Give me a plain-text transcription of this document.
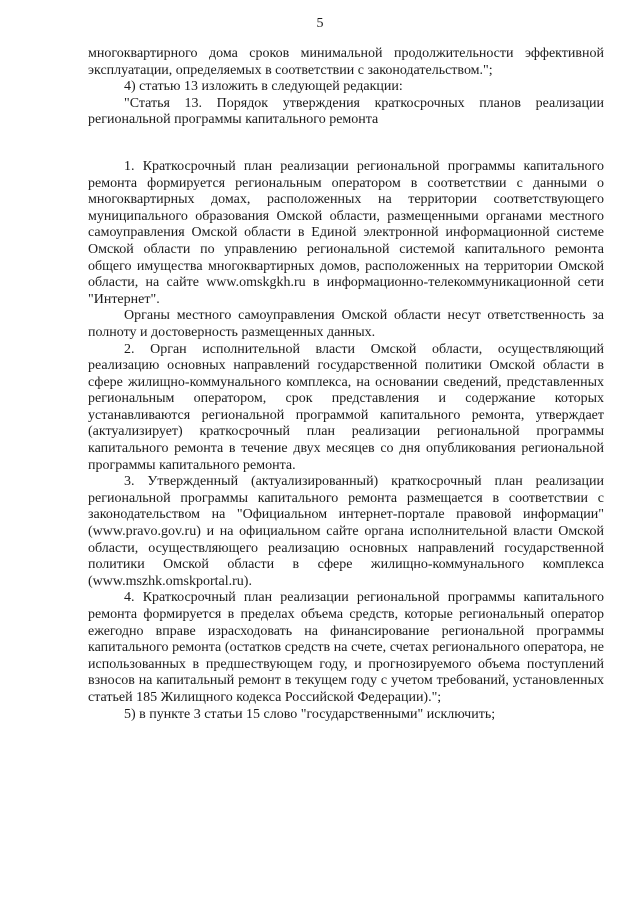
5

многоквартирного дома сроков минимальной продолжительности эффективной эксплуатации, определяемых в соответствии с законодательством.";

4) статью 13 изложить в следующей редакции:

"Статья 13. Порядок утверждения краткосрочных планов реализации региональной программы капитального ремонта

1. Краткосрочный план реализации региональной программы капитального ремонта формируется региональным оператором в соответствии с данными о многоквартирных домах, расположенных на территории соответствующего муниципального образования Омской области, размещенными органами местного самоуправления Омской области в Единой электронной информационной системе Омской области по управлению региональной системой капитального ремонта общего имущества многоквартирных домов, расположенных на территории Омской области, на сайте www.omskgkh.ru в информационно-телекоммуникационной сети "Интернет".

Органы местного самоуправления Омской области несут ответственность за полноту и достоверность размещенных данных.

2. Орган исполнительной власти Омской области, осуществляющий реализацию основных направлений государственной политики Омской области в сфере жилищно-коммунального комплекса, на основании сведений, представленных региональным оператором, срок представления и содержание которых устанавливаются региональной программой капитального ремонта, утверждает (актуализирует) краткосрочный план реализации региональной программы капитального ремонта в течение двух месяцев со дня опубликования региональной программы капитального ремонта.

3. Утвержденный (актуализированный) краткосрочный план реализации региональной программы капитального ремонта размещается в соответствии с законодательством на "Официальном интернет-портале правовой информации" (www.pravo.gov.ru) и на официальном сайте органа исполнительной власти Омской области, осуществляющего реализацию основных направлений государственной политики Омской области в сфере жилищно-коммунального комплекса (www.mszhk.omskportal.ru).

4. Краткосрочный план реализации региональной программы капитального ремонта формируется в пределах объема средств, которые региональный оператор ежегодно вправе израсходовать на финансирование региональной программы капитального ремонта (остатков средств на счете, счетах регионального оператора, не использованных в предшествующем году, и прогнозируемого объема поступлений взносов на капитальный ремонт в текущем году с учетом требований, установленных статьей 185 Жилищного кодекса Российской Федерации).";

5) в пункте 3 статьи 15 слово "государственными" исключить;
